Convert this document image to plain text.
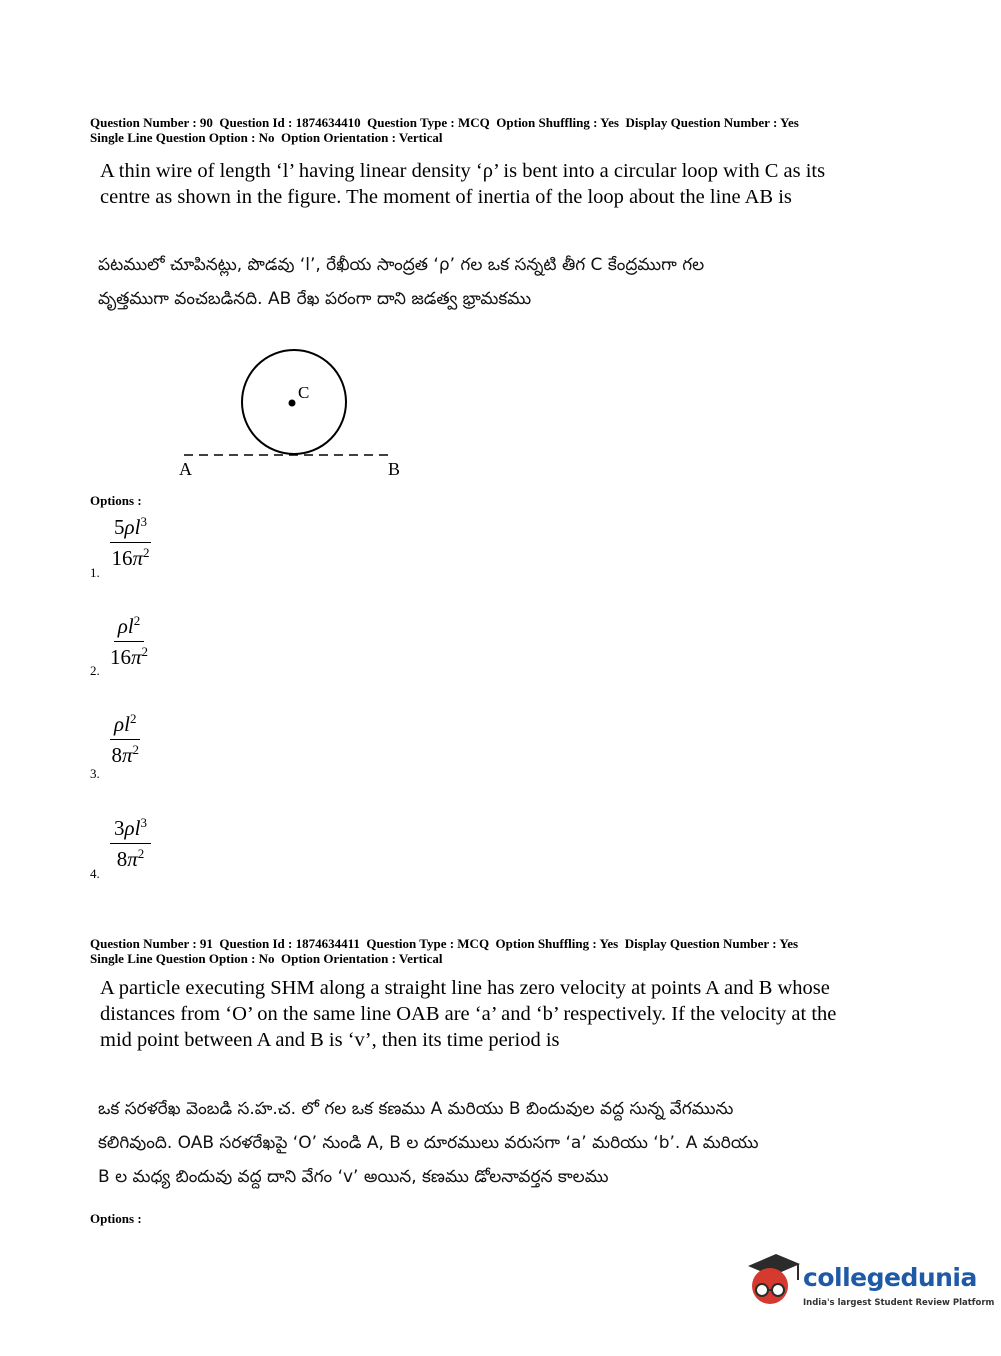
Question Number : 90  Question Id : 1874634410  Question Type : MCQ  Option Shuffling : Yes  Display Question Number : Yes
Single Line Question Option : No  Option Orientation : Vertical
A thin wire of length ‘l’ having linear density ‘ρ’ is bent into a circular loop with C as its
centre as shown in the figure. The moment of inertia of the loop about the line AB is
పటములో చూపినట్లు, పొడవు ‘l’, రేఖీయ సాంద్రత ‘ρ’ గల ఒక సన్నటి తీగ C కేంద్రముగా గల
వృత్తముగా వంచబడినది. AB రేఖ పరంగా దాని జడత్వ భ్రామకము
C
A	B
Options :
$\frac{5\rho l^3}{16\pi^2}$
1.
$\frac{\rho l^2}{16\pi^2}$
2.
$\frac{\rho l^2}{8\pi^2}$
3.
$\frac{3\rho l^3}{8\pi^2}$
4.
Question Number : 91  Question Id : 1874634411  Question Type : MCQ  Option Shuffling : Yes  Display Question Number : Yes
Single Line Question Option : No  Option Orientation : Vertical
A particle executing SHM along a straight line has zero velocity at points A and B whose
distances from ‘O’ on the same line OAB are ‘a’ and ‘b’ respectively. If the velocity at the
mid point between A and B is ‘v’, then its time period is
ఒక సరళరేఖ వెంబడి స.హ.చ. లో గల ఒక కణము A మరియు B బిందువుల వద్ద సున్న వేగమును
కలిగివుంది. OAB సరళరేఖపై ‘O’ నుండి A, B ల దూరములు వరుసగా ‘a’ మరియు ‘b’. A మరియు
B ల మధ్య బిందువు వద్ద దాని వేగం ‘v’ అయిన, కణము డోలనావర్తన కాలము
Options :
collegedunia
India's largest Student Review Platform
